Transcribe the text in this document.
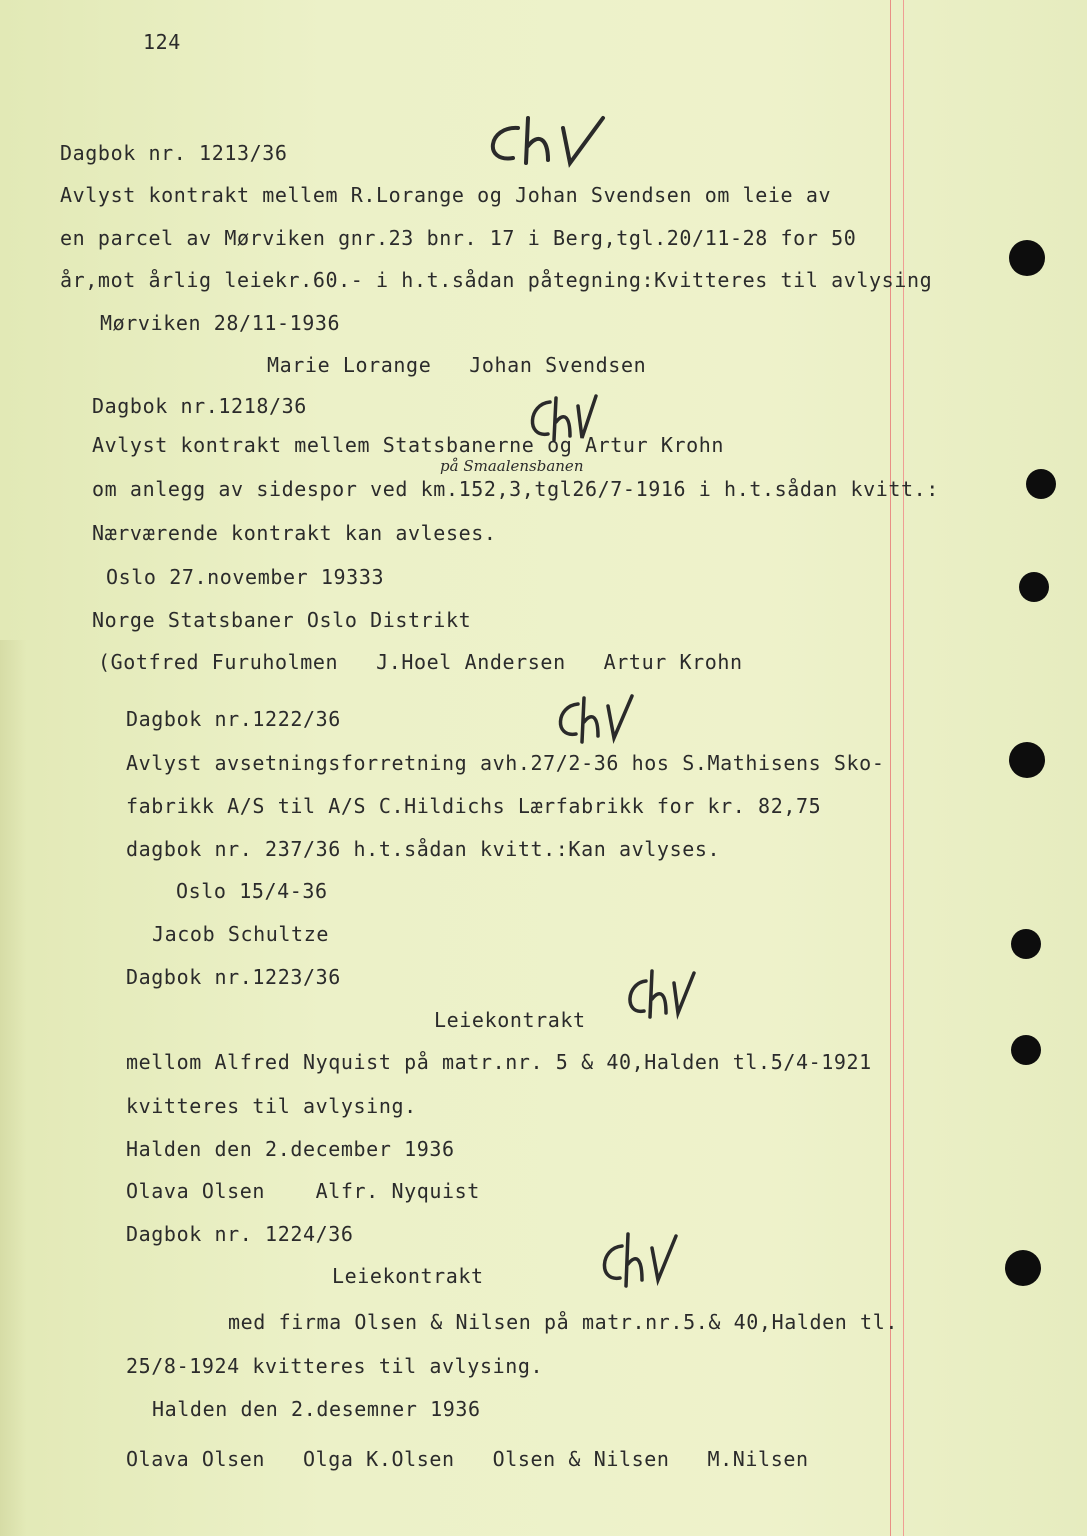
124
Dagbok nr. 1213/36
Avlyst kontrakt mellem R.Lorange og Johan Svendsen om leie av
en parcel av Mørviken gnr.23 bnr. 17 i Berg,tgl.20/11-28 for 50
år,mot årlig leiekr.60.- i h.t.sådan påtegning:Kvitteres til avlysing
Mørviken 28/11-1936
Marie Lorange   Johan Svendsen
Dagbok nr.1218/36
Avlyst kontrakt mellem Statsbanerne og Artur Krohn
om anlegg av sidespor ved km.152,3,tgl26/7-1916 i h.t.sådan kvitt.:
Nærværende kontrakt kan avleses.
Oslo 27.november 19333
Norge Statsbaner Oslo Distrikt
(Gotfred Furuholmen   J.Hoel Andersen   Artur Krohn
Dagbok nr.1222/36
Avlyst avsetningsforretning avh.27/2-36 hos S.Mathisens Sko-
fabrikk A/S til A/S C.Hildichs Lærfabrikk for kr. 82,75
dagbok nr. 237/36 h.t.sådan kvitt.:Kan avlyses.
Oslo 15/4-36
Jacob Schultze
Dagbok nr.1223/36
Leiekontrakt
mellom Alfred Nyquist på matr.nr. 5 & 40,Halden tl.5/4-1921
kvitteres til avlysing.
Halden den 2.december 1936
Olava Olsen    Alfr. Nyquist
Dagbok nr. 1224/36
Leiekontrakt
med firma Olsen & Nilsen på matr.nr.5.& 40,Halden tl.
25/8-1924 kvitteres til avlysing.
Halden den 2.desemner 1936
Olava Olsen   Olga K.Olsen   Olsen & Nilsen   M.Nilsen
på Smaalensbanen
